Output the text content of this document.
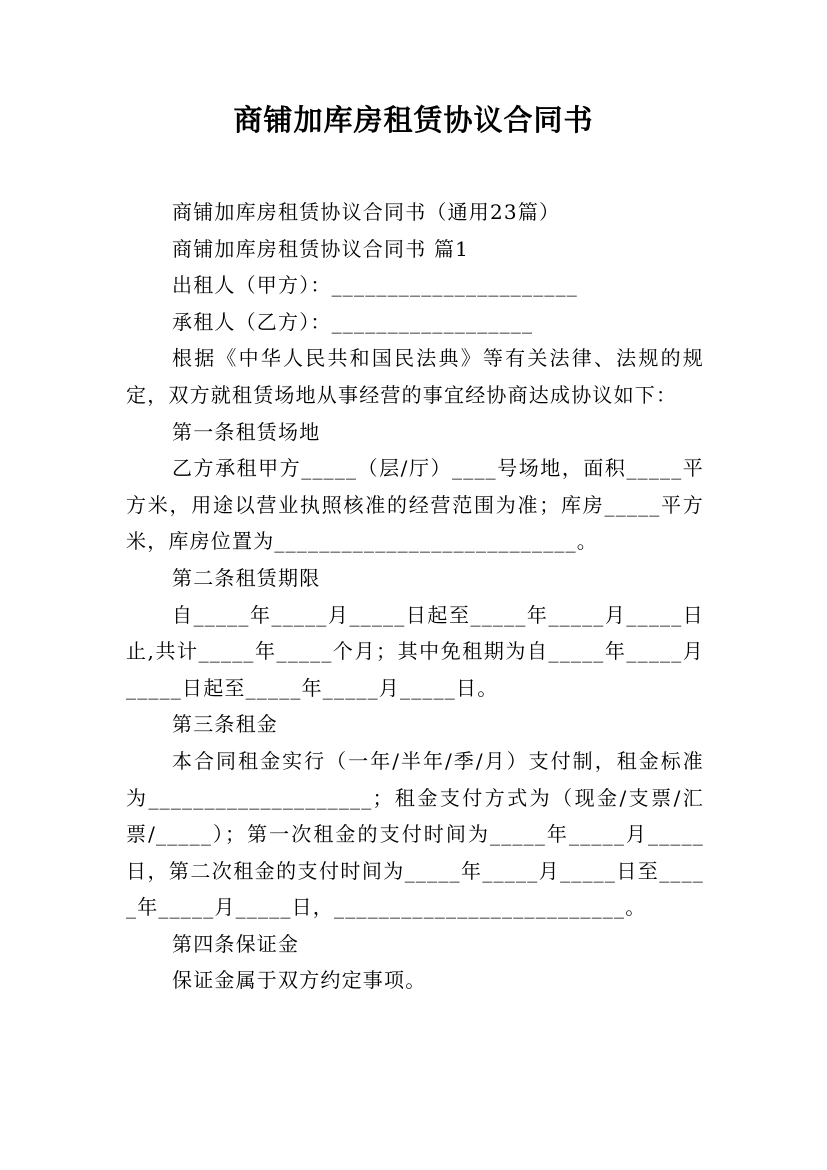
商铺加库房租赁协议合同书

商铺加库房租赁协议合同书（通用23篇）

商铺加库房租赁协议合同书 篇1

出租人（甲方）：______________________

承租人（乙方）：__________________

根据《中华人民共和国民法典》等有关法律、法规的规定，双方就租赁场地从事经营的事宜经协商达成协议如下：

第一条租赁场地

乙方承租甲方_____（层/厅）____号场地，面积_____平方米，用途以营业执照核准的经营范围为准；库房_____平方米，库房位置为___________________________。

第二条租赁期限

自_____年_____月_____日起至_____年_____月_____日止,共计_____年_____个月；其中免租期为自_____年_____月_____日起至_____年_____月_____日。

第三条租金

本合同租金实行（一年/半年/季/月）支付制，租金标准为____________________；租金支付方式为（现金/支票/汇票/_____）；第一次租金的支付时间为_____年_____月_____日，第二次租金的支付时间为_____年_____月_____日至_____年_____月_____日，__________________________。

第四条保证金

保证金属于双方约定事项。
